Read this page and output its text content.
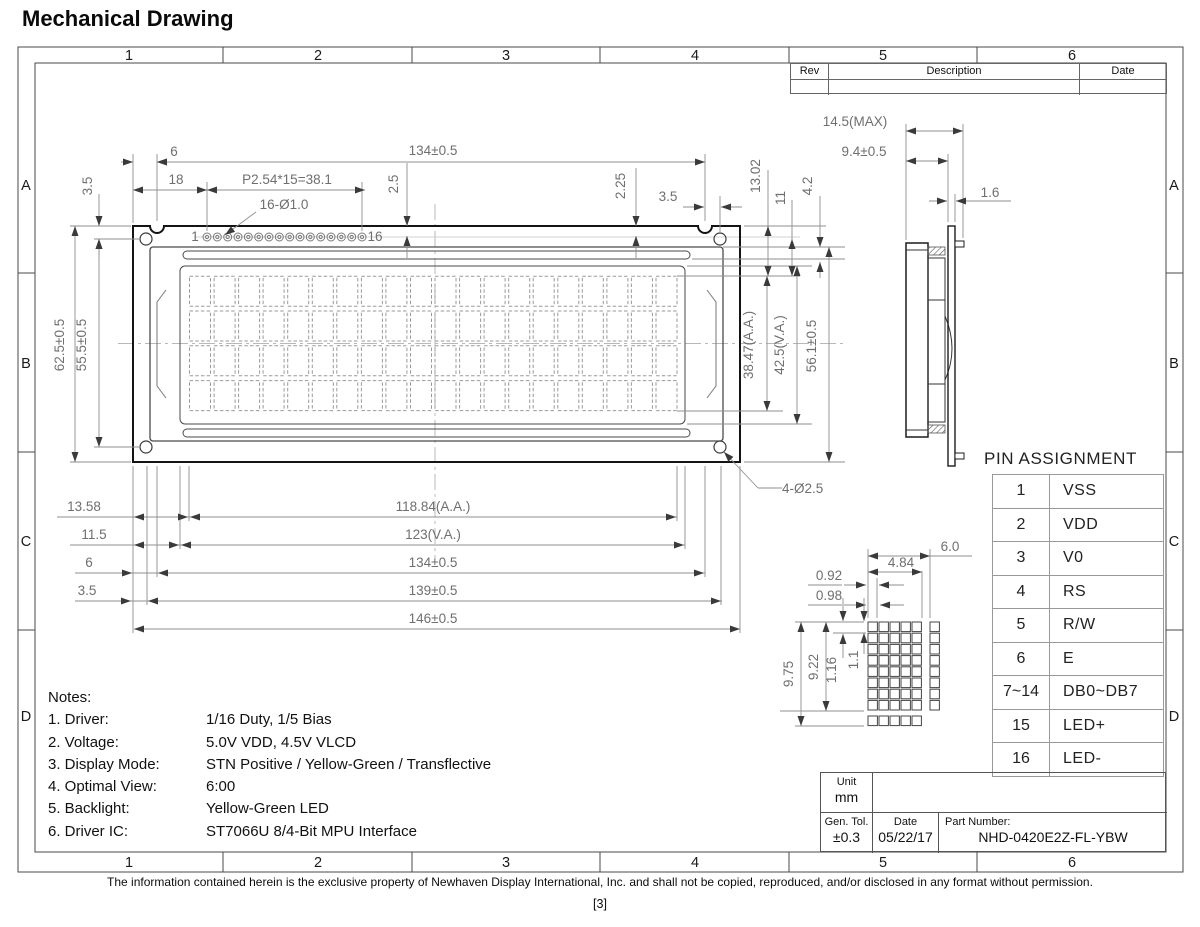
Mechanical Drawing
1
1
2
2
3
3
4
4
5
5
6
6
A	A
B	B
C	C
D	D
6	134±0.5
18	P2.54*15=38.1
16-Ø1.0
2.5	2.25 3.5
1	16
3.5
62.5±0.5 55.5±0.5
13.02
11
4.2
38.47(A.A.) 42.5(V.A.) 56.1±0.5
4-Ø2.5
13.58	118.84(A.A.)
11.5	123(V.A.)
6	134±0.5
3.5	139±0.5
146±0.5
14.5(MAX)
9.4±0.5
1.6
6.0
4.84
0.92
0.98
9.75 9.22 1.16 1.1
Rev	Description	Date
PIN ASSIGNMENT
1	VSS
2	VDD
3	V0
4	RS
5	R/W
6	E
7~14	DB0~DB7
15	LED+
16	LED-
Notes:
1. Driver:	1/16 Duty, 1/5 Bias
2. Voltage:	5.0V VDD, 4.5V VLCD
3. Display Mode:	STN Positive / Yellow-Green / Transflective
4. Optimal View:	6:00
5. Backlight:	Yellow-Green LED
6. Driver IC:	ST7066U 8/4-Bit MPU Interface
Unit
mm
Gen. Tol.
±0.3
Date
05/22/17
Part Number:
NHD-0420E2Z-FL-YBW
The information contained herein is the exclusive property of Newhaven Display International, Inc. and shall not be copied, reproduced, and/or disclosed in any format without permission.
[3]
